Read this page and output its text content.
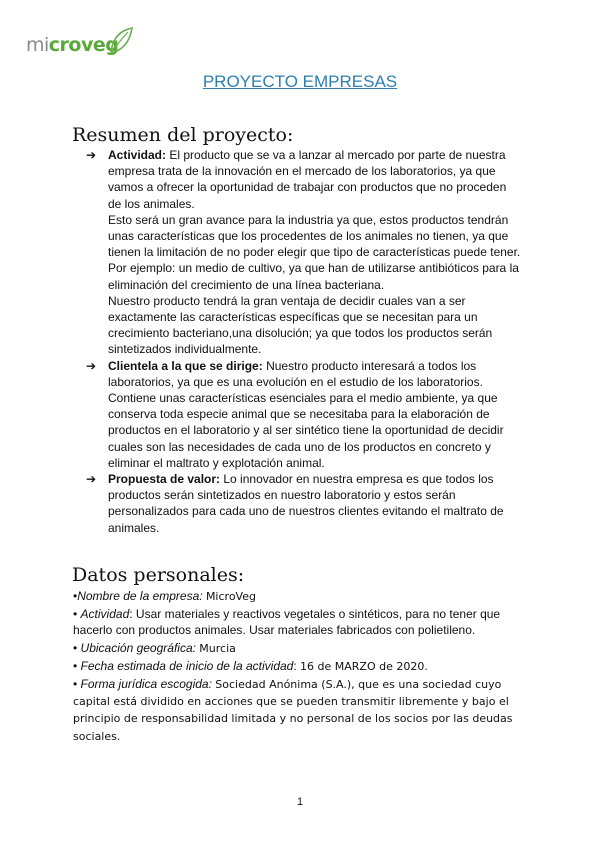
microveg
PROYECTO EMPRESAS
Resumen del proyecto:
➔ Actividad: El producto que se va a lanzar al mercado por parte de nuestra empresa trata de la innovación en el mercado de los laboratorios, ya que vamos a ofrecer la oportunidad de trabajar con productos que no proceden de los animales.

Esto será un gran avance para la industria ya que, estos productos tendrán unas características que los procedentes de los animales no tienen, ya que tienen la limitación de no poder elegir que tipo de características puede tener. Por ejemplo: un medio de cultivo, ya que han de utilizarse antibióticos para la eliminación del crecimiento de una línea bacteriana.

Nuestro producto tendrá la gran ventaja de decidir cuales van a ser exactamente las características específicas que se necesitan para un crecimiento bacteriano,una disolución; ya que todos los productos serán sintetizados individualmente.

➔ Clientela a la que se dirige: Nuestro producto interesará a todos los laboratorios, ya que es una evolución en el estudio de los laboratorios. Contiene unas características esenciales para el medio ambiente, ya que conserva toda especie animal que se necesitaba para la elaboración de productos en el laboratorio y al ser sintético tiene la oportunidad de decidir cuales son las necesidades de cada uno de los productos en concreto y eliminar el maltrato y explotación animal.

➔ Propuesta de valor: Lo innovador en nuestra empresa es que todos los productos serán sintetizados en nuestro laboratorio y estos serán personalizados para cada uno de nuestros clientes evitando el maltrato de animales.

Datos personales:

•Nombre de la empresa: MicroVeg

• Actividad: Usar materiales y reactivos vegetales o sintéticos, para no tener que hacerlo con productos animales. Usar materiales fabricados con polietileno.

• Ubicación geográfica: Murcia

• Fecha estimada de inicio de la actividad: 16 de MARZO de 2020.

• Forma jurídica escogida: Sociedad Anónima (S.A.), que es una sociedad cuyo capital está dividido en acciones que se pueden transmitir libremente y bajo el principio de responsabilidad limitada y no personal de los socios por las deudas sociales.

1
